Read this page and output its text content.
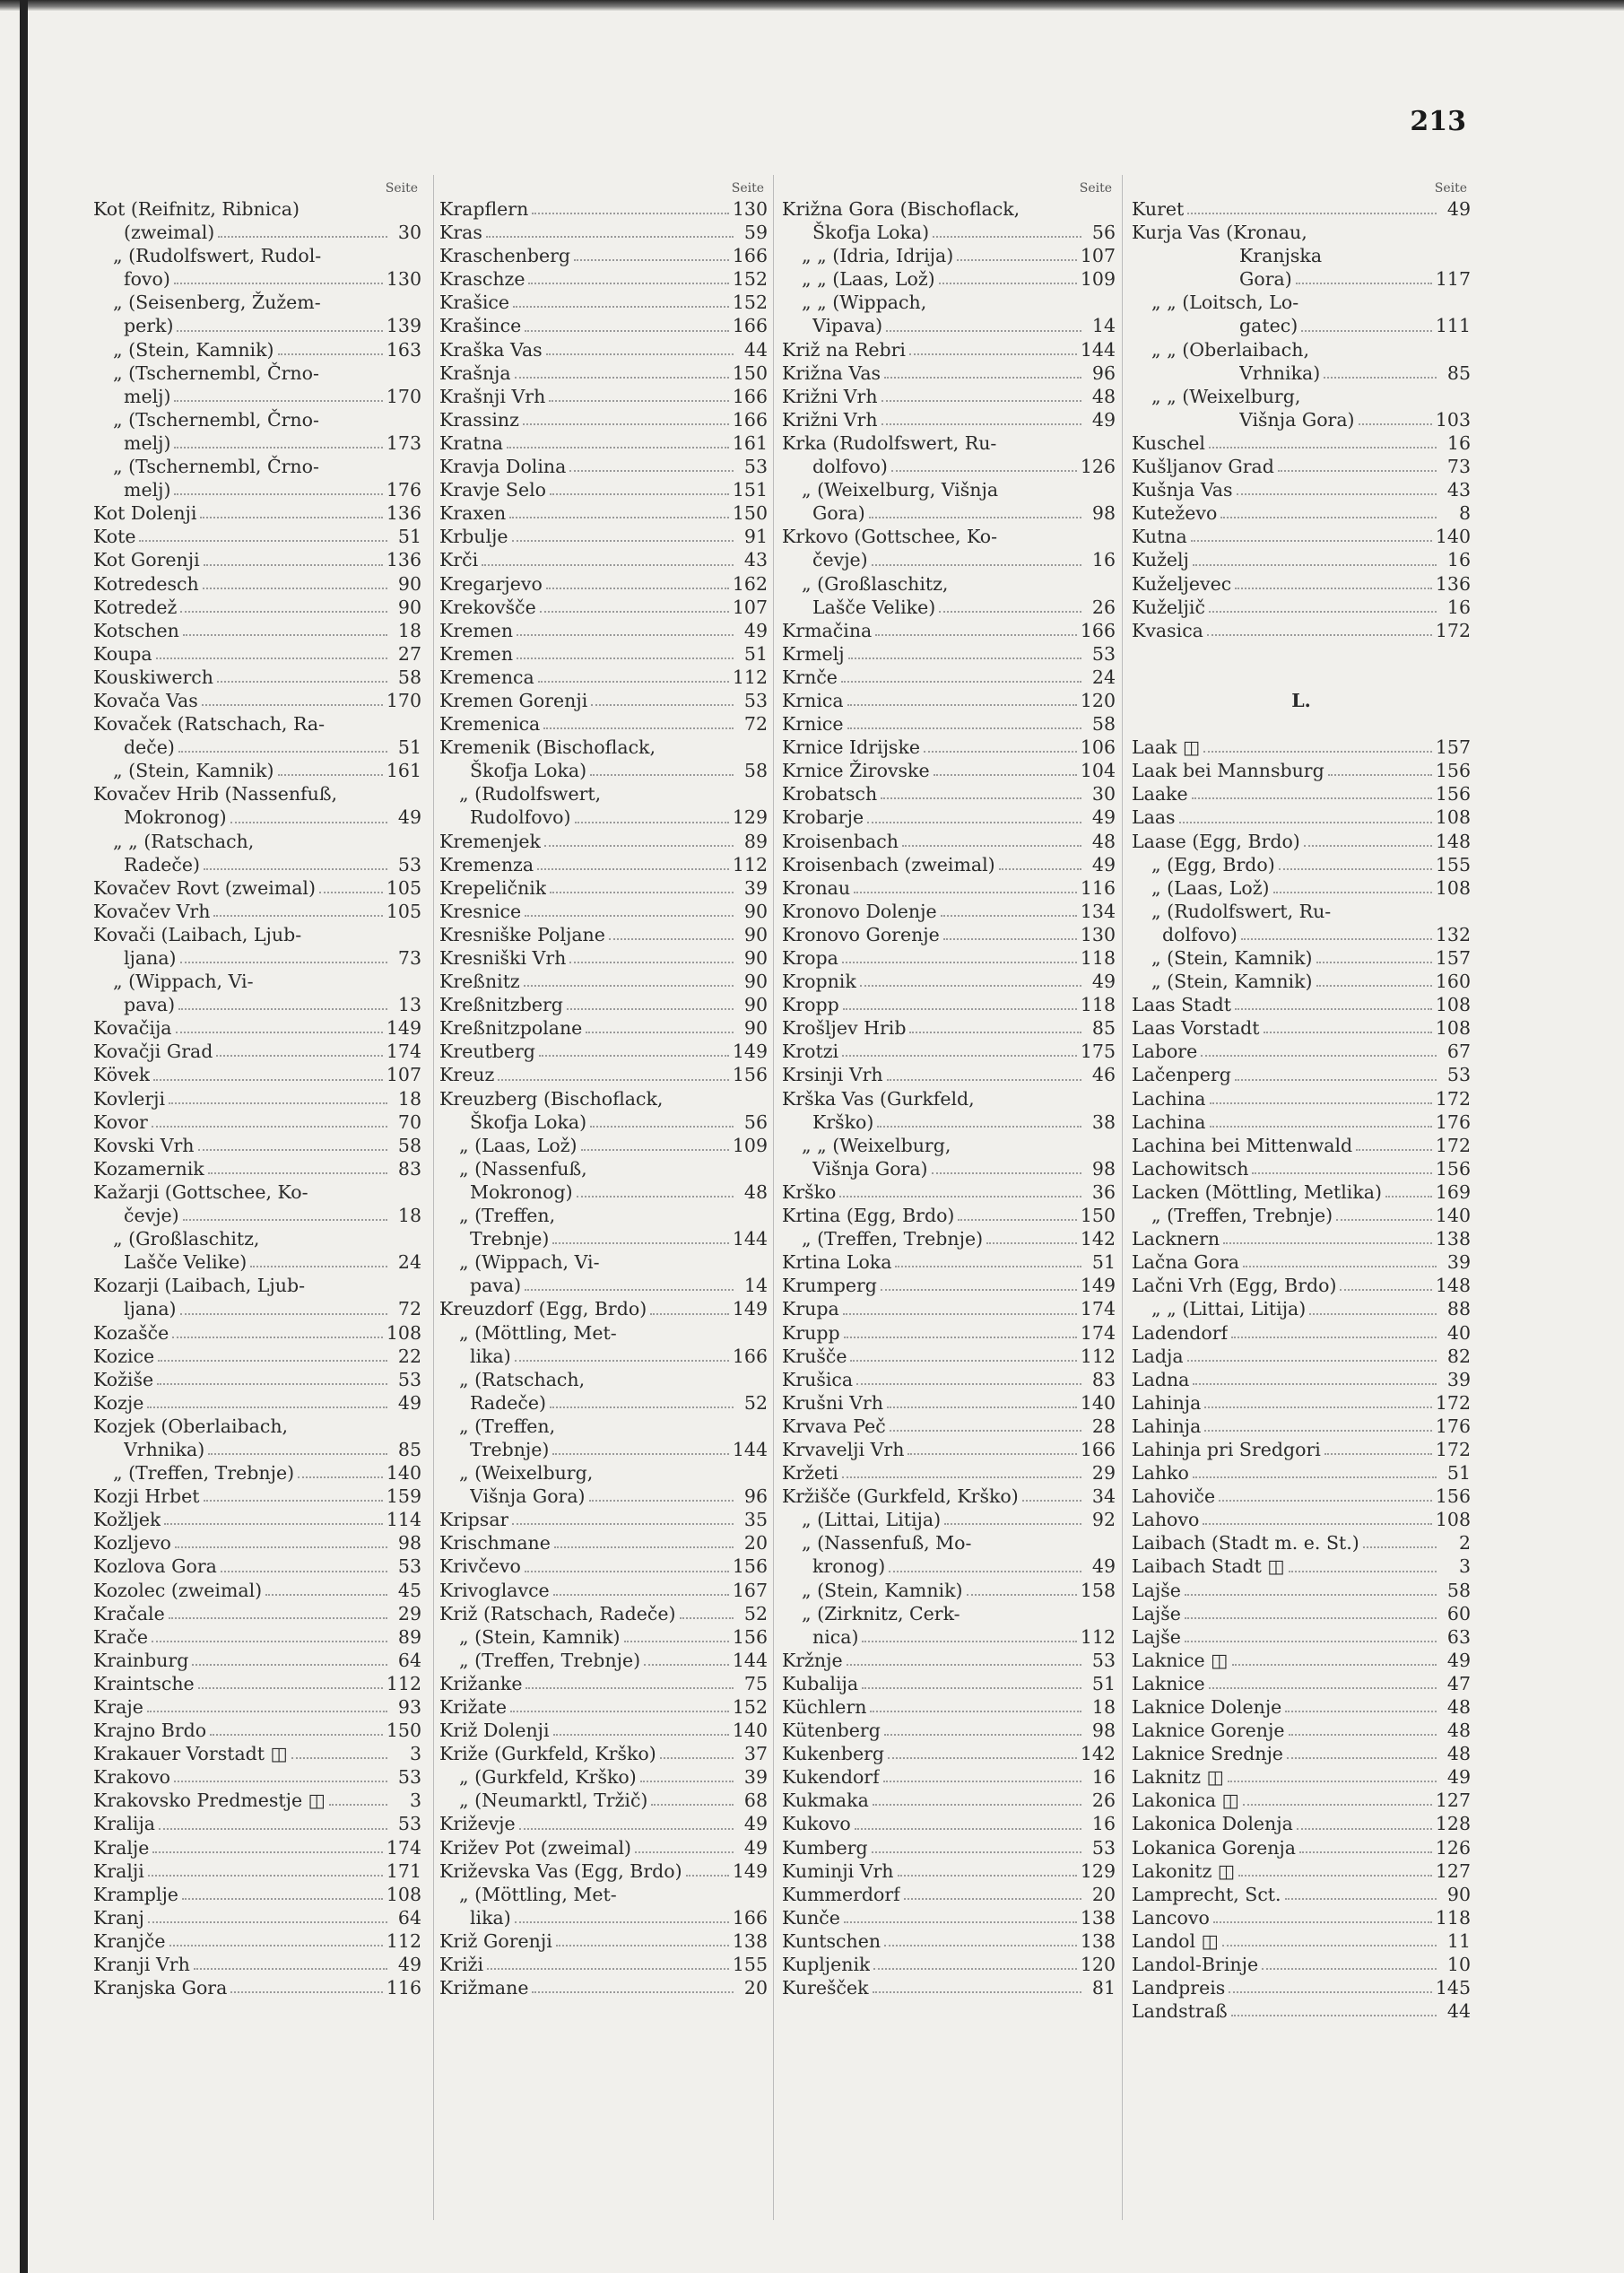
213
Seite
Kot (Reifnitz, Ribnica)
(zweimal)	30
„ (Rudolfswert, Rudol-
fovo)	130
„ (Seisenberg, Žužem-
perk)	139
„ (Stein, Kamnik)	163
„ (Tschernembl, Črno-
melj)	170
„ (Tschernembl, Črno-
melj)	173
„ (Tschernembl, Črno-
melj)	176
Kot Dolenji	136
Kote	51
Kot Gorenji	136
Kotredesch	90
Kotredež	90
Kotschen	18
Koupa	27
Kouskiwerch	58
Kovača Vas	170
Kovaček (Ratschach, Ra-
deče)	51
„ (Stein, Kamnik)	161
Kovačev Hrib (Nassenfuß,
Mokronog)	49
„ „ (Ratschach,
Radeče)	53
Kovačev Rovt (zweimal)	105
Kovačev Vrh	105
Kovači (Laibach, Ljub-
ljana)	73
„ (Wippach, Vi-
pava)	13
Kovačija	149
Kovačji Grad	174
Kövek	107
Kovlerji	18
Kovor	70
Kovski Vrh	58
Kozamernik	83
Kažarji (Gottschee, Ko-
čevje)	18
„ (Großlaschitz,
Lašče Velike)	24
Kozarji (Laibach, Ljub-
ljana)	72
Kozašče	108
Kozice	22
Kožiše	53
Kozje	49
Kozjek (Oberlaibach,
Vrhnika)	85
„ (Treffen, Trebnje)	140
Kozji Hrbet	159
Kožljek	114
Kozljevo	98
Kozlova Gora	53
Kozolec (zweimal)	45
Kračale	29
Krače	89
Krainburg	64
Kraintsche	112
Kraje	93
Krajno Brdo	150
Krakauer Vorstadt ◫	3
Krakovo	53
Krakovsko Predmestje ◫	3
Kralija	53
Kralje	174
Kralji	171
Kramplje	108
Kranj	64
Kranjče	112
Kranji Vrh	49
Kranjska Gora	116
Seite
Krapflern	130
Kras	59
Kraschenberg	166
Kraschze	152
Krašice	152
Krašince	166
Kraška Vas	44
Krašnja	150
Krašnji Vrh	166
Krassinz	166
Kratna	161
Kravja Dolina	53
Kravje Selo	151
Kraxen	150
Krbulje	91
Krči	43
Kregarjevo	162
Krekovšče	107
Kremen	49
Kremen	51
Kremenca	112
Kremen Gorenji	53
Kremenica	72
Kremenik (Bischoflack,
Škofja Loka)	58
„ (Rudolfswert,
Rudolfovo)	129
Kremenjek	89
Kremenza	112
Krepeličnik	39
Kresnice	90
Kresniške Poljane	90
Kresniški Vrh	90
Kreßnitz	90
Kreßnitzberg	90
Kreßnitzpolane	90
Kreutberg	149
Kreuz	156
Kreuzberg (Bischoflack,
Škofja Loka)	56
„ (Laas, Lož)	109
„ (Nassenfuß,
Mokronog)	48
„ (Treffen,
Trebnje)	144
„ (Wippach, Vi-
pava)	14
Kreuzdorf (Egg, Brdo)	149
„ (Möttling, Met-
lika)	166
„ (Ratschach,
Radeče)	52
„ (Treffen,
Trebnje)	144
„ (Weixelburg,
Višnja Gora)	96
Kripsar	35
Krischmane	20
Krivčevo	156
Krivoglavce	167
Križ (Ratschach, Radeče)	52
„ (Stein, Kamnik)	156
„ (Treffen, Trebnje)	144
Križanke	75
Križate	152
Križ Dolenji	140
Križe (Gurkfeld, Krško)	37
„ (Gurkfeld, Krško)	39
„ (Neumarktl, Tržič)	68
Križevje	49
Križev Pot (zweimal)	49
Križevska Vas (Egg, Brdo)	149
„ (Möttling, Met-
lika)	166
Križ Gorenji	138
Križi	155
Križmane	20
Seite
Križna Gora (Bischoflack,
Škofja Loka)	56
„ „ (Idria, Idrija)	107
„ „ (Laas, Lož)	109
„ „ (Wippach,
Vipava)	14
Križ na Rebri	144
Križna Vas	96
Križni Vrh	48
Križni Vrh	49
Krka (Rudolfswert, Ru-
dolfovo)	126
„ (Weixelburg, Višnja
Gora)	98
Krkovo (Gottschee, Ko-
čevje)	16
„ (Großlaschitz,
Lašče Velike)	26
Krmačina	166
Krmelj	53
Krnče	24
Krnica	120
Krnice	58
Krnice Idrijske	106
Krnice Žirovske	104
Krobatsch	30
Krobarje	49
Kroisenbach	48
Kroisenbach (zweimal)	49
Kronau	116
Kronovo Dolenje	134
Kronovo Gorenje	130
Kropa	118
Kropnik	49
Kropp	118
Krošljev Hrib	85
Krotzi	175
Krsinji Vrh	46
Krška Vas (Gurkfeld,
Krško)	38
„ „ (Weixelburg,
Višnja Gora)	98
Krško	36
Krtina (Egg, Brdo)	150
„ (Treffen, Trebnje)	142
Krtina Loka	51
Krumperg	149
Krupa	174
Krupp	174
Krušče	112
Krušica	83
Krušni Vrh	140
Krvava Peč	28
Krvavelji Vrh	166
Kržeti	29
Kržišče (Gurkfeld, Krško)	34
„ (Littai, Litija)	92
„ (Nassenfuß, Mo-
kronog)	49
„ (Stein, Kamnik)	158
„ (Zirknitz, Cerk-
nica)	112
Kržnje	53
Kubalija	51
Küchlern	18
Kütenberg	98
Kukenberg	142
Kukendorf	16
Kukmaka	26
Kukovo	16
Kumberg	53
Kuminji Vrh	129
Kummerdorf	20
Kunče	138
Kuntschen	138
Kupljenik	120
Kurešček	81
Seite
Kuret	49
Kurja Vas (Kronau,
Kranjska
Gora)	117
„ „ (Loitsch, Lo-
gatec)	111
„ „ (Oberlaibach,
Vrhnika)	85
„ „ (Weixelburg,
Višnja Gora)	103
Kuschel	16
Kušljanov Grad	73
Kušnja Vas	43
Kuteževo	8
Kutna	140
Kuželj	16
Kuželjevec	136
Kuželjič	16
Kvasica	172
L.
Laak ◫	157
Laak bei Mannsburg	156
Laake	156
Laas	108
Laase (Egg, Brdo)	148
„ (Egg, Brdo)	155
„ (Laas, Lož)	108
„ (Rudolfswert, Ru-
dolfovo)	132
„ (Stein, Kamnik)	157
„ (Stein, Kamnik)	160
Laas Stadt	108
Laas Vorstadt	108
Labore	67
Lačenperg	53
Lachina	172
Lachina	176
Lachina bei Mittenwald	172
Lachowitsch	156
Lacken (Möttling, Metlika)	169
„ (Treffen, Trebnje)	140
Lacknern	138
Lačna Gora	39
Lačni Vrh (Egg, Brdo)	148
„ „ (Littai, Litija)	88
Ladendorf	40
Ladja	82
Ladna	39
Lahinja	172
Lahinja	176
Lahinja pri Sredgori	172
Lahko	51
Lahoviče	156
Lahovo	108
Laibach (Stadt m. e. St.)	2
Laibach Stadt ◫	3
Lajše	58
Lajše	60
Lajše	63
Laknice ◫	49
Laknice	47
Laknice Dolenje	48
Laknice Gorenje	48
Laknice Srednje	48
Laknitz ◫	49
Lakonica ◫	127
Lakonica Dolenja	128
Lokanica Gorenja	126
Lakonitz ◫	127
Lamprecht, Sct.	90
Lancovo	118
Landol ◫	11
Landol-Brinje	10
Landpreis	145
Landstraß	44
